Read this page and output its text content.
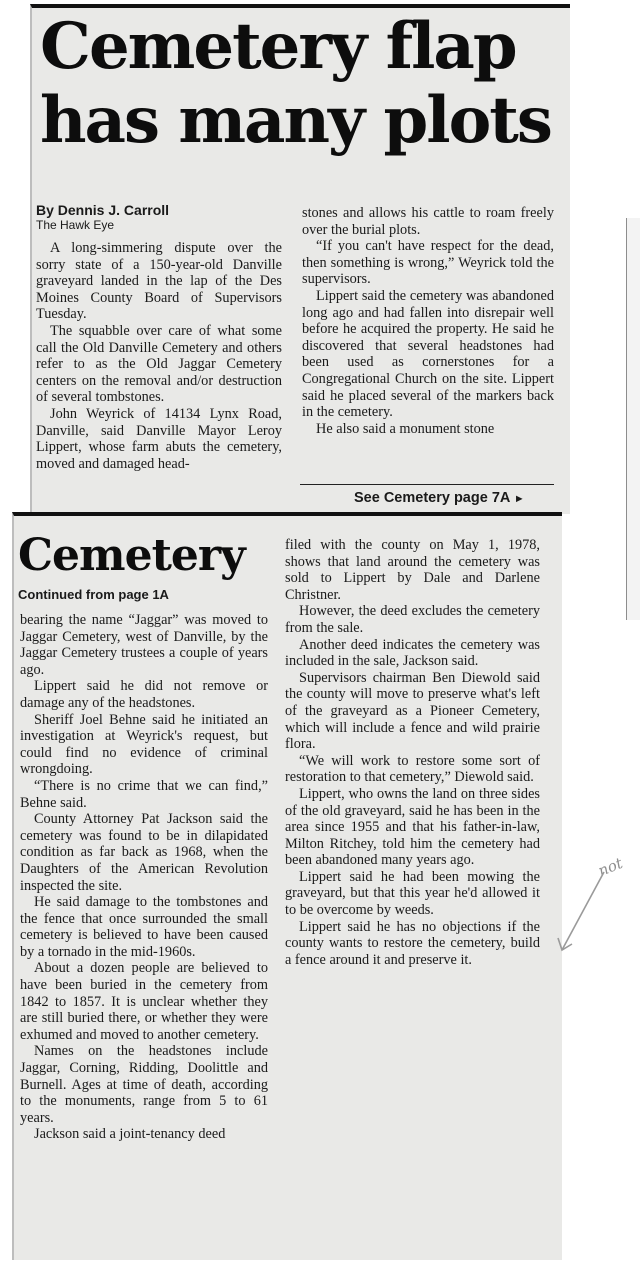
Cemetery flap
has many plots
By Dennis J. Carroll
The Hawk Eye

A long-simmering dispute over the sorry state of a 150-year-old Danville graveyard landed in the lap of the Des Moines County Board of Supervisors Tuesday.

The squabble over care of what some call the Old Danville Cemetery and others refer to as the Old Jaggar Cemetery centers on the removal and/or destruction of several tombstones.

John Weyrick of 14134 Lynx Road, Danville, said Danville Mayor Leroy Lippert, whose farm abuts the cemetery, moved and damaged head-

stones and allows his cattle to roam freely over the burial plots.

“If you can't have respect for the dead, then something is wrong,” Weyrick told the supervisors.

Lippert said the cemetery was abandoned long ago and had fallen into disrepair well before he acquired the property. He said he discovered that several headstones had been used as cornerstones for a Congregational Church on the site. Lippert said he placed several of the markers back in the cemetery.

He also said a monument stone

See Cemetery page 7A ►
Cemetery
Continued from page 1A

bearing the name “Jaggar” was moved to Jaggar Cemetery, west of Danville, by the Jaggar Cemetery trustees a couple of years ago.

Lippert said he did not remove or damage any of the headstones.

Sheriff Joel Behne said he initiated an investigation at Weyrick's request, but could find no evidence of criminal wrongdoing.

“There is no crime that we can find,” Behne said.

County Attorney Pat Jackson said the cemetery was found to be in dilapidated condition as far back as 1968, when the Daughters of the American Revolution inspected the site.

He said damage to the tombstones and the fence that once surrounded the small cemetery is believed to have been caused by a tornado in the mid-1960s.

About a dozen people are believed to have been buried in the cemetery from 1842 to 1857. It is unclear whether they are still buried there, or whether they were exhumed and moved to another cemetery.

Names on the headstones include Jaggar, Corning, Ridding, Doolittle and Burnell. Ages at time of death, according to the monuments, range from 5 to 61 years.

Jackson said a joint-tenancy deed

filed with the county on May 1, 1978, shows that land around the cemetery was sold to Lippert by Dale and Darlene Christner.

However, the deed excludes the cemetery from the sale.

Another deed indicates the cemetery was included in the sale, Jackson said.

Supervisors chairman Ben Diewold said the county will move to preserve what's left of the graveyard as a Pioneer Cemetery, which will include a fence and wild prairie flora.

“We will work to restore some sort of restoration to that cemetery,” Diewold said.

Lippert, who owns the land on three sides of the old graveyard, said he has been in the area since 1955 and that his father-in-law, Milton Ritchey, told him the cemetery had been abandoned many years ago.

Lippert said he had been mowing the graveyard, but that this year he'd allowed it to be overcome by weeds.

Lippert said he has no objections if the county wants to restore the cemetery, build a fence around it and preserve it.

not
